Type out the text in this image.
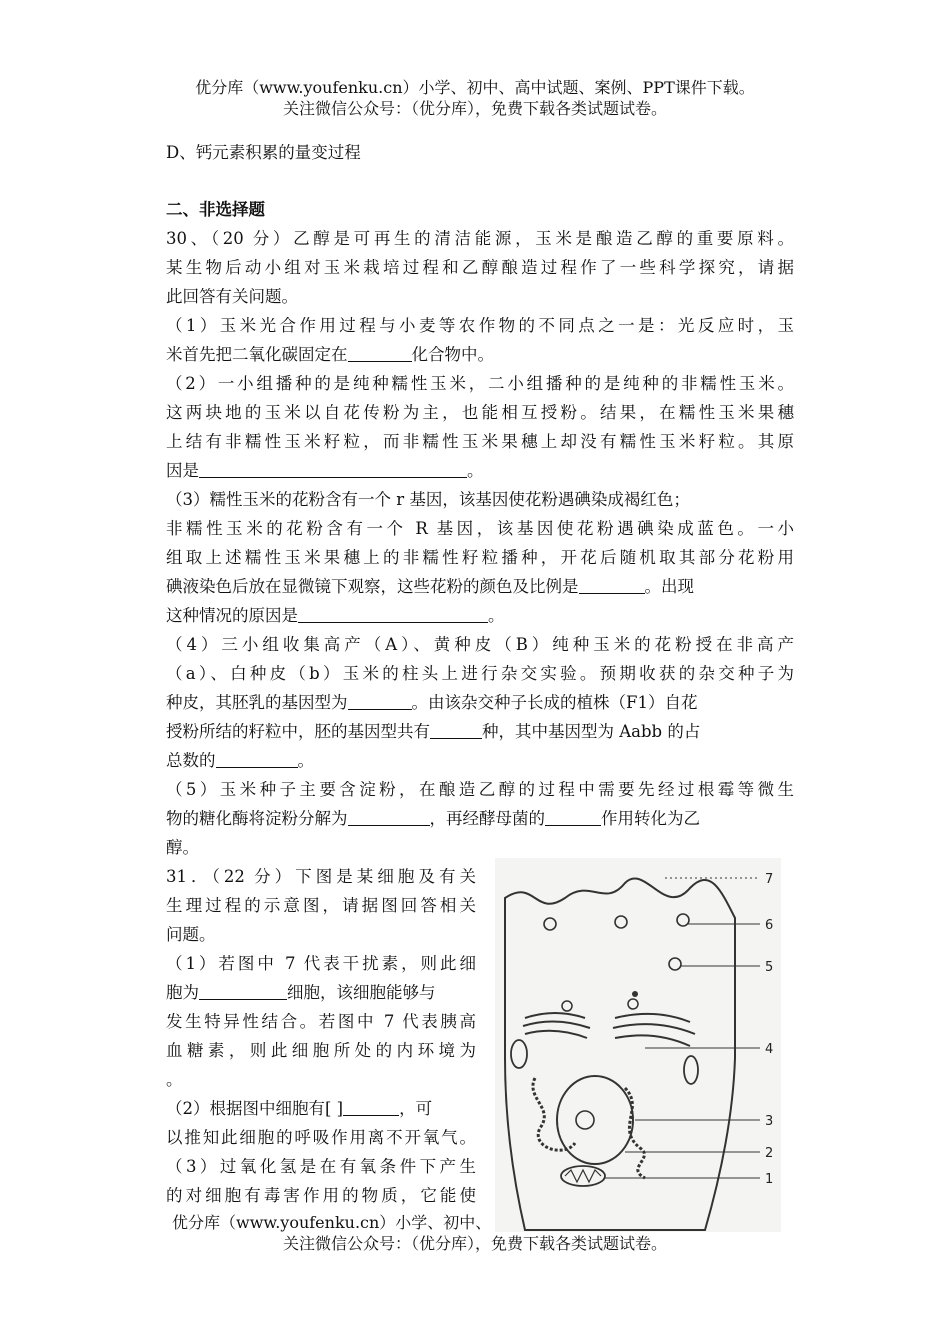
优分库（www.youfenku.cn）小学、初中、高中试题、案例、PPT课件下载。
关注微信公众号：（优分库），免费下载各类试题试卷。
D、钙元素积累的量变过程
二、非选择题
30、（20 分）乙醇是可再生的清洁能源，玉米是酿造乙醇的重要原料。
某生物后动小组对玉米栽培过程和乙醇酿造过程作了一些科学探究，请据
此回答有关问题。
（1）玉米光合作用过程与小麦等农作物的不同点之一是：光反应时，玉
米首先把二氧化碳固定在	化合物中。
（2）一小组播种的是纯种糯性玉米，二小组播种的是纯种的非糯性玉米。
这两块地的玉米以自花传粉为主，也能相互授粉。结果，在糯性玉米果穗
上结有非糯性玉米籽粒，而非糯性玉米果穗上却没有糯性玉米籽粒。其原
因是	。
（3）糯性玉米的花粉含有一个 r 基因，该基因使花粉遇碘染成褐红色；
非糯性玉米的花粉含有一个 R 基因，该基因使花粉遇碘染成蓝色。一小
组取上述糯性玉米果穗上的非糯性籽粒播种，开花后随机取其部分花粉用
碘液染色后放在显微镜下观察，这些花粉的颜色及比例是	。出现
这种情况的原因是	。
（4）三小组收集高产（A）、黄种皮（B）纯种玉米的花粉授在非高产
（a）、白种皮（b）玉米的柱头上进行杂交实验。预期收获的杂交种子为
种皮，其胚乳的基因型为	。由该杂交种子长成的植株（F1）自花
授粉所结的籽粒中，胚的基因型共有	种，其中基因型为 Aabb 的占
总数的	。
（5）玉米种子主要含淀粉，在酿造乙醇的过程中需要先经过根霉等微生
物的糖化酶将淀粉分解为	，再经酵母菌的	作用转化为乙
醇。
31．（22 分）下图是某细胞及有关
生理过程的示意图，请据图回答相关
问题。
（1）若图中 7 代表干扰素，则此细
胞为	细胞，该细胞能够与
发生特异性结合。若图中 7 代表胰高
血糖素，则此细胞所处的内环境为
。
（2）根据图中细胞有[ ]	，可
以推知此细胞的呼吸作用离不开氧气。
（3）过氧化氢是在有氧条件下产生
的对细胞有毒害作用的物质，它能使
7
6
5
4
3
2
1
优分库（www.youfenku.cn）小学、初中、
关注微信公众号：（优分库），免费下载各类试题试卷。
